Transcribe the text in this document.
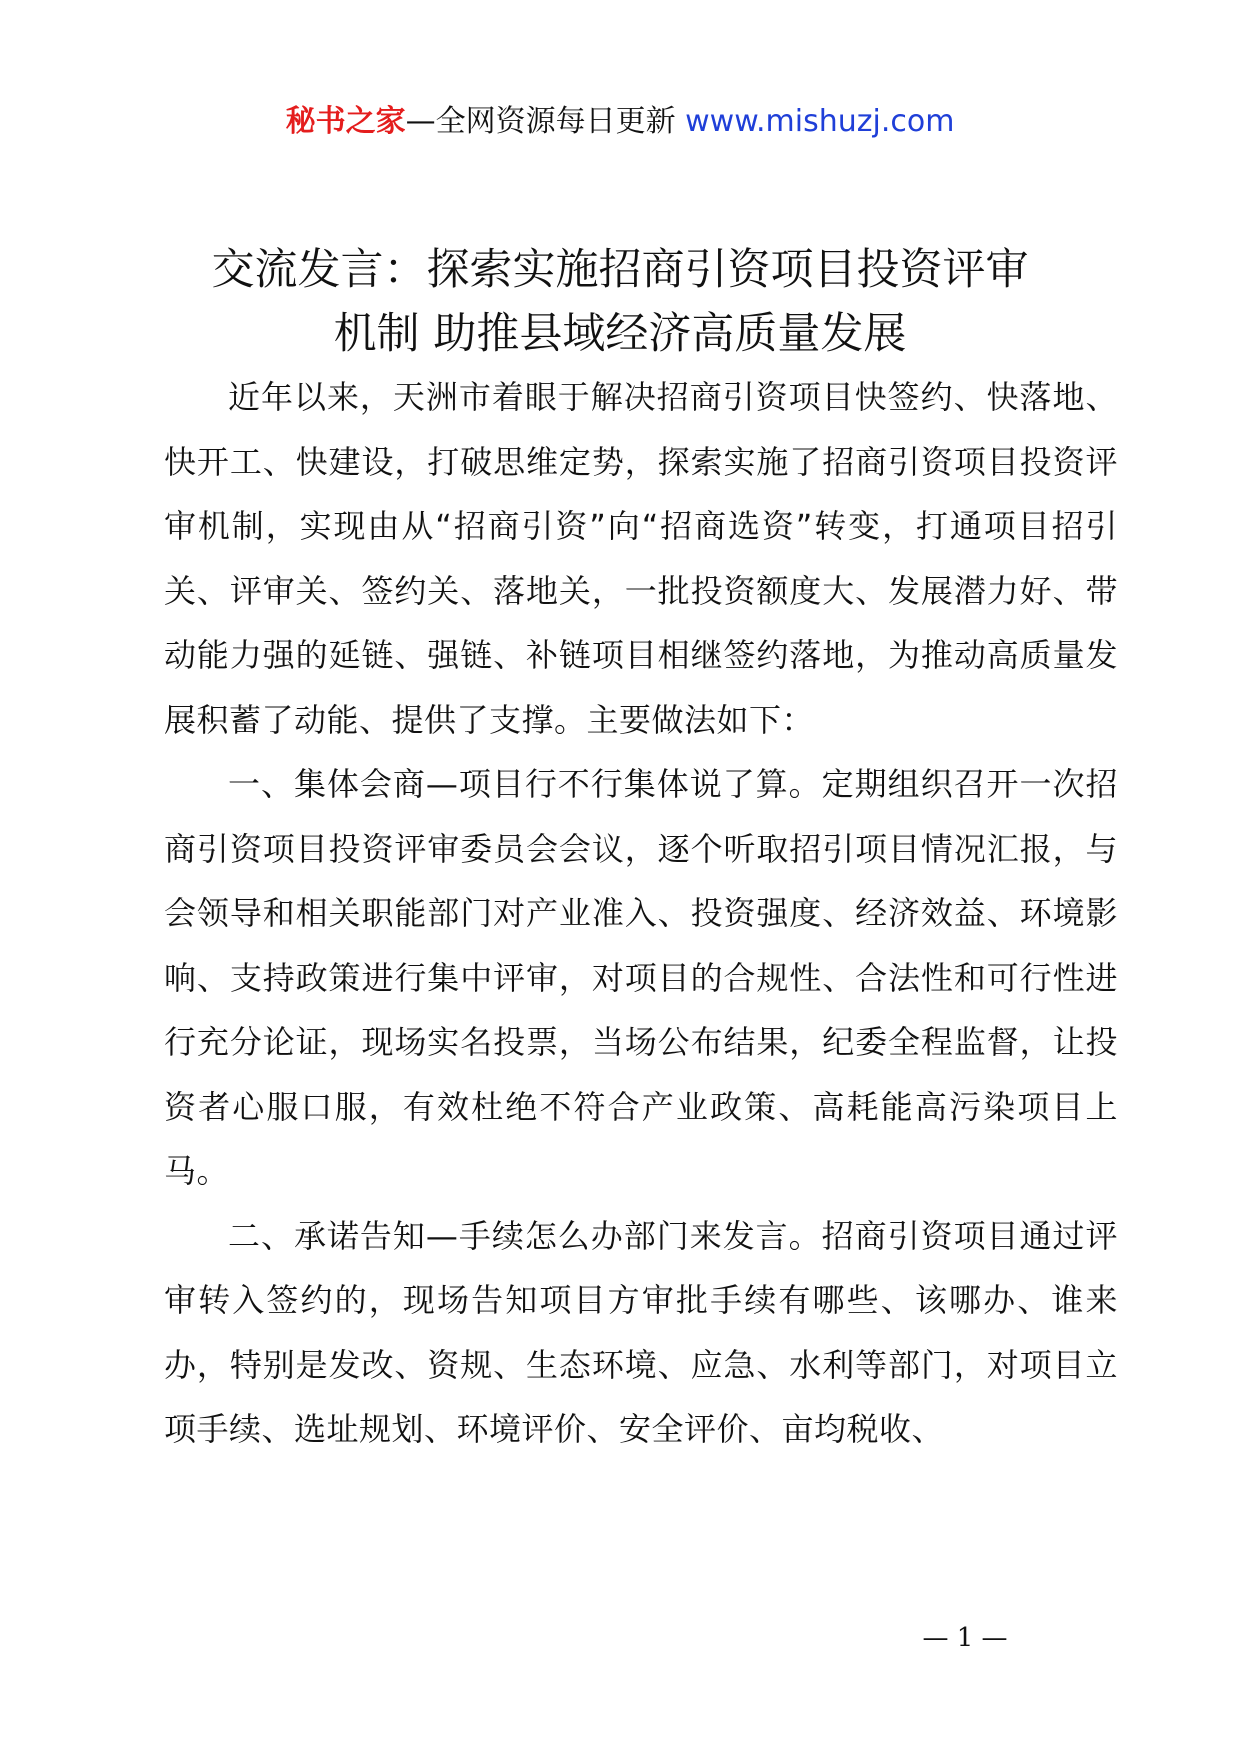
秘书之家—全网资源每日更新 www.mishuzj.com
交流发言：探索实施招商引资项目投资评审
机制 助推县域经济高质量发展

近年以来，天洲市着眼于解决招商引资项目快签约、快落地、快开工、快建设，打破思维定势，探索实施了招商引资项目投资评审机制，实现由从“招商引资”向“招商选资”转变，打通项目招引关、评审关、签约关、落地关，一批投资额度大、发展潜力好、带动能力强的延链、强链、补链项目相继签约落地，为推动高质量发展积蓄了动能、提供了支撑。主要做法如下：

一、集体会商—项目行不行集体说了算。定期组织召开一次招商引资项目投资评审委员会会议，逐个听取招引项目情况汇报，与会领导和相关职能部门对产业准入、投资强度、经济效益、环境影响、支持政策进行集中评审，对项目的合规性、合法性和可行性进行充分论证，现场实名投票，当场公布结果，纪委全程监督，让投资者心服口服，有效杜绝不符合产业政策、高耗能高污染项目上马。

二、承诺告知—手续怎么办部门来发言。招商引资项目通过评审转入签约的，现场告知项目方审批手续有哪些、该哪办、谁来办，特别是发改、资规、生态环境、应急、水利等部门，对项目立项手续、选址规划、环境评价、安全评价、亩均税收、

— 1 —
